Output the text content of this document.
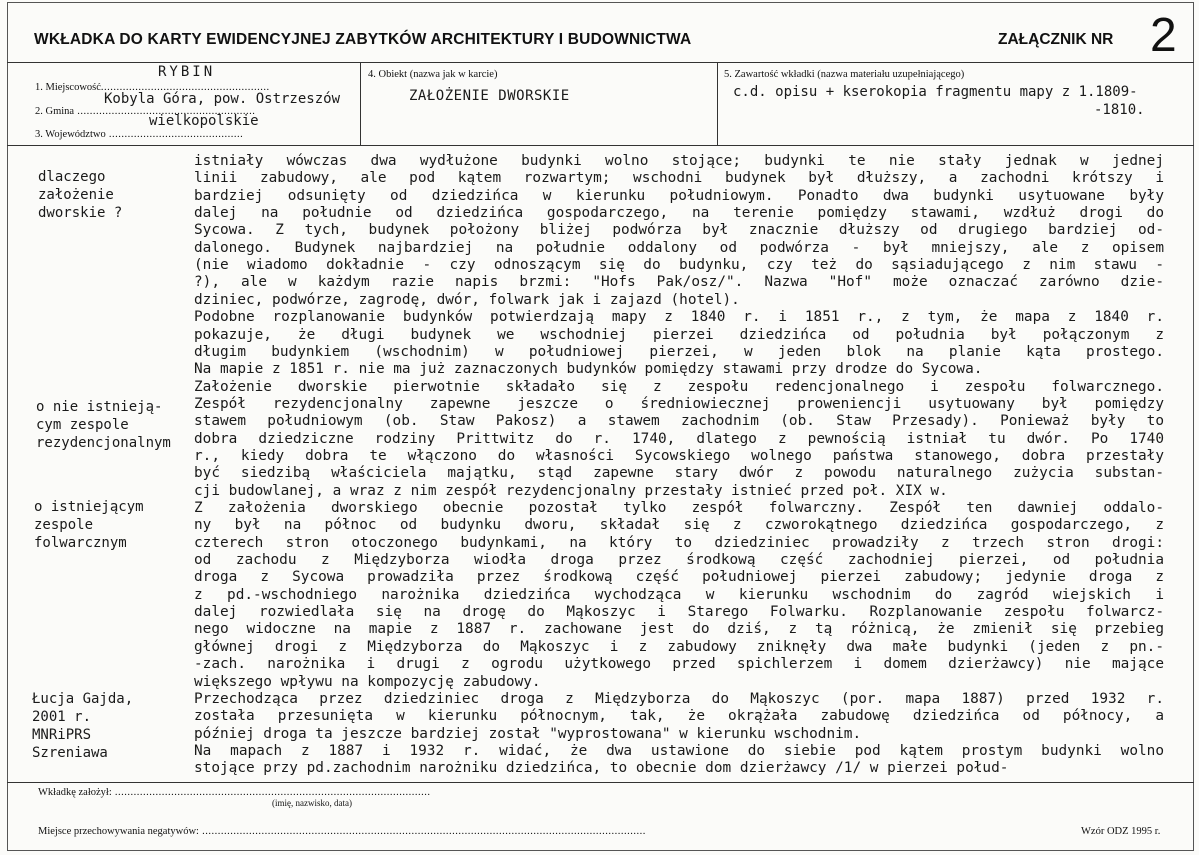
WKŁADKA DO KARTY EWIDENCYJNEJ ZABYTKÓW ARCHITEKTURY I BUDOWNICTWA	ZAŁĄCZNIK NR 2
1. Miejscowość......................................................
2. Gmina .........................................................
3. Województwo ...........................................
RYBIN
Kobyla Góra, pow. Ostrzeszów
wielkopolskie
4. Obiekt (nazwa jak w karcie)
ZAŁOŻENIE DWORSKIE
5. Zawartość wkładki (nazwa materiału uzupełniającego)
c.d. opisu + kserokopia fragmentu mapy z 1.1809-
-1810.
dlaczego
założenie
dworskie ?
o nie istnieją-
cym zespole
rezydencjonalnym
o istniejącym
zespole
folwarcznym
Łucja Gajda,
2001 r.
MNRiPRS
Szreniawa
istniały wówczas dwa wydłużone budynki wolno stojące; budynki te nie stały jednak w jednej
linii zabudowy, ale pod kątem rozwartym; wschodni budynek był dłuższy, a zachodni krótszy i
bardziej odsunięty od dziedzińca w kierunku południowym. Ponadto dwa budynki usytuowane były
dalej na południe od dziedzińca gospodarczego, na terenie pomiędzy stawami, wzdłuż drogi do
Sycowa. Z tych, budynek położony bliżej podwórza był znacznie dłuższy od drugiego bardziej od-
dalonego. Budynek najbardziej na południe oddalony od podwórza - był mniejszy, ale z opisem
(nie wiadomo dokładnie - czy odnoszącym się do budynku, czy też do sąsiadującego z nim stawu -
?), ale w każdym razie napis brzmi: "Hofs Pak/osz/". Nazwa "Hof" może oznaczać zarówno dzie-
dziniec, podwórze, zagrodę, dwór, folwark jak i zajazd (hotel).
Podobne rozplanowanie budynków potwierdzają mapy z 1840 r. i 1851 r., z tym, że mapa z 1840 r.
pokazuje, że długi budynek we wschodniej pierzei dziedzińca od południa był połączonym z
długim budynkiem (wschodnim) w południowej pierzei, w jeden blok na planie kąta prostego.
Na mapie z 1851 r. nie ma już zaznaczonych budynków pomiędzy stawami przy drodze do Sycowa.
Założenie dworskie pierwotnie składało się z zespołu redencjonalnego i zespołu folwarcznego.
Zespół rezydencjonalny zapewne jeszcze o średniowiecznej proweniencji usytuowany był pomiędzy
stawem południowym (ob. Staw Pakosz) a stawem zachodnim (ob. Staw Przesady). Ponieważ były to
dobra dziedziczne rodziny Prittwitz do r. 1740, dlatego z pewnością istniał tu dwór. Po 1740
r., kiedy dobra te włączono do własności Sycowskiego wolnego państwa stanowego, dobra przestały
być siedzibą właściciela majątku, stąd zapewne stary dwór z powodu naturalnego zużycia substan-
cji budowlanej, a wraz z nim zespół rezydencjonalny przestały istnieć przed poł. XIX w.
Z założenia dworskiego obecnie pozostał tylko zespół folwarczny. Zespół ten dawniej oddalo-
ny był na północ od budynku dworu, składał się z czworokątnego dziedzińca gospodarczego, z
czterech stron otoczonego budynkami, na który to dziedziniec prowadziły z trzech stron drogi:
od zachodu z Międzyborza wiodła droga przez środkową część zachodniej pierzei, od południa
droga z Sycowa prowadziła przez środkową część południowej pierzei zabudowy; jedynie droga z
z pd.-wschodniego narożnika dziedzińca wychodząca w kierunku wschodnim do zagród wiejskich i
dalej rozwiedlała się na drogę do Mąkoszyc i Starego Folwarku. Rozplanowanie zespołu folwarcz-
nego widoczne na mapie z 1887 r. zachowane jest do dziś, z tą różnicą, że zmienił się przebieg
głównej drogi z Międzyborza do Mąkoszyc i z zabudowy zniknęły dwa małe budynki (jeden z pn.-
-zach. narożnika i drugi z ogrodu użytkowego przed spichlerzem i domem dzierżawcy) nie mające
większego wpływu na kompozycję zabudowy.
Przechodząca przez dziedziniec droga z Międzyborza do Mąkoszyc (por. mapa 1887) przed 1932 r.
została przesunięta w kierunku północnym, tak, że okrążała zabudowę dziedzińca od północy, a
później droga ta jeszcze bardziej został "wyprostowana" w kierunku wschodnim.
Na mapach z 1887 i 1932 r. widać, że dwa ustawione do siebie pod kątem prostym budynki wolno
stojące przy pd.zachodnim narożniku dziedzińca, to obecnie dom dzierżawcy /1/ w pierzei połud-
Wkładkę założył: .....................................................................................................
(imię, nazwisko, data)
Miejsce przechowywania negatywów: ..............................................................................................................................................	Wzór ODZ 1995 r.
